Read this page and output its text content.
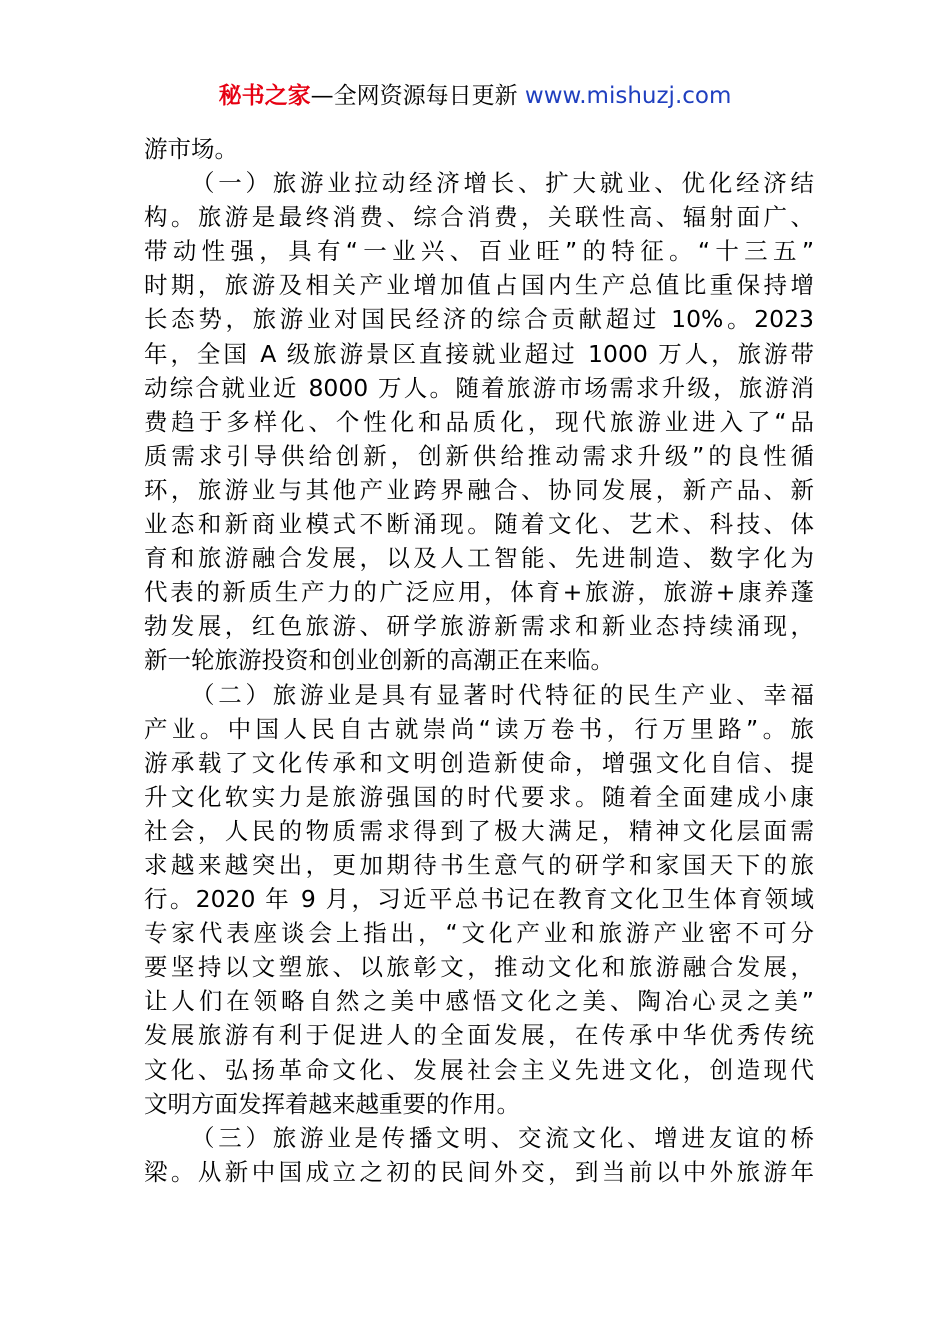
秘书之家—全网资源每日更新 www.mishuzj.com
游市场。
（一）旅游业拉动经济增长、扩大就业、优化经济结
构。旅游是最终消费、综合消费，关联性高、辐射面广、
带动性强，具有“一业兴、百业旺”的特征。“十三五”
时期，旅游及相关产业增加值占国内生产总值比重保持增
长态势，旅游业对国民经济的综合贡献超过 10%。2023
年，全国 A 级旅游景区直接就业超过 1000 万人，旅游带
动综合就业近 8000 万人。随着旅游市场需求升级，旅游消
费趋于多样化、个性化和品质化，现代旅游业进入了“品
质需求引导供给创新，创新供给推动需求升级”的良性循
环，旅游业与其他产业跨界融合、协同发展，新产品、新
业态和新商业模式不断涌现。随着文化、艺术、科技、体
育和旅游融合发展，以及人工智能、先进制造、数字化为
代表的新质生产力的广泛应用，体育+旅游，旅游+康养蓬
勃发展，红色旅游、研学旅游新需求和新业态持续涌现，
新一轮旅游投资和创业创新的高潮正在来临。
（二）旅游业是具有显著时代特征的民生产业、幸福
产业。中国人民自古就崇尚“读万卷书，行万里路”。旅
游承载了文化传承和文明创造新使命，增强文化自信、提
升文化软实力是旅游强国的时代要求。随着全面建成小康
社会，人民的物质需求得到了极大满足，精神文化层面需
求越来越突出，更加期待书生意气的研学和家国天下的旅
行。2020 年 9 月，习近平总书记在教育文化卫生体育领域
专家代表座谈会上指出，“文化产业和旅游产业密不可分
要坚持以文塑旅、以旅彰文，推动文化和旅游融合发展，
让人们在领略自然之美中感悟文化之美、陶冶心灵之美”
发展旅游有利于促进人的全面发展，在传承中华优秀传统
文化、弘扬革命文化、发展社会主义先进文化，创造现代
文明方面发挥着越来越重要的作用。
（三）旅游业是传播文明、交流文化、增进友谊的桥
梁。从新中国成立之初的民间外交，到当前以中外旅游年
